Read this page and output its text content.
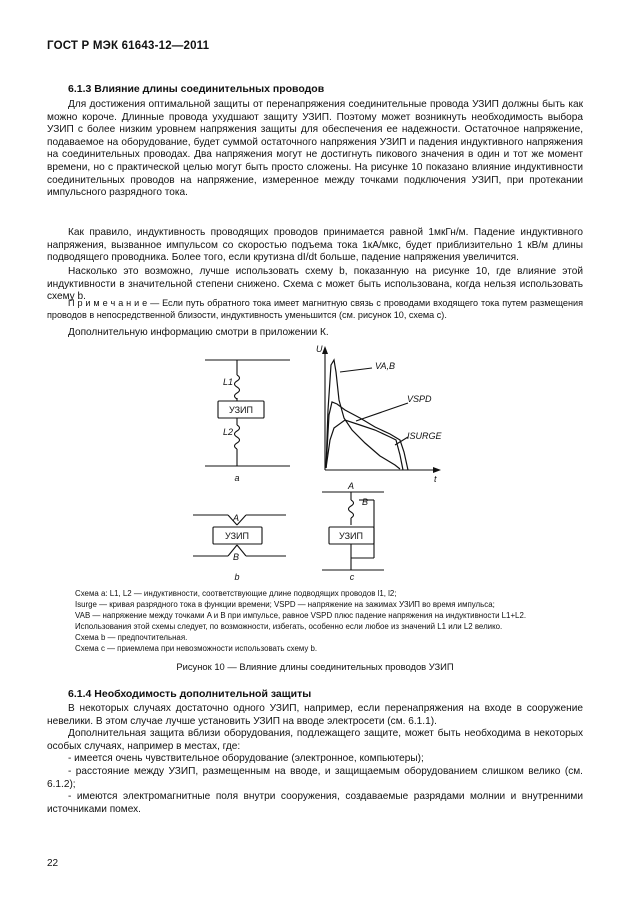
ГОСТ Р МЭК 61643-12—2011
6.1.3 Влияние длины соединительных проводов
Для достижения оптимальной защиты от перенапряжения соединительные провода УЗИП должны быть как можно короче. Длинные провода ухудшают защиту УЗИП. Поэтому может возникнуть необходимость выбора УЗИП с более низким уровнем напряжения защиты для обеспечения ее надежности. Остаточное напряжение, подаваемое на оборудование, будет суммой остаточного напряжения УЗИП и падения индуктивного напряжения на соединительных проводах. Два напряжения могут не достигнуть пикового значения в один и тот же момент времени, но с практической целью могут быть просто сложены. На рисунке 10 показано влияние индуктивности соединительных проводов на напряжение, измеренное между точками подключения УЗИП, при протекании импульсного разрядного тока.
Как правило, индуктивность проводящих проводов принимается равной 1мкГн/м. Падение индуктивного напряжения, вызванное импульсом со скоростью подъема тока 1кА/мкс, будет приблизительно 1 кВ/м длины подводящего проводника. Более того, если крутизна dI/dt больше, падение напряжения увеличится.
Насколько это возможно, лучше использовать схему b, показанную на рисунке 10, где влияние этой индуктивности в значительной степени снижено. Схема c может быть использована, когда нельзя использовать схему b.
П р и м е ч а н и е — Если путь обратного тока имеет магнитную связь с проводами входящего тока путем размещения проводов в непосредственной близости, индуктивность уменьшится (см. рисунок 10, схема c).
Дополнительную информацию смотри в приложении К.
L1
L2
УЗИП
a
A
УЗИП
B
b
A
B
УЗИП
c
U
t
VA,B
VSPD
ISURGE
Схема a: L1, L2 — индуктивности, соответствующие длине подводящих проводов l1, l2;
Isurge — кривая разрядного тока в функции времени; VSPD — напряжение на зажимах УЗИП во время импульса;
VAB — напряжение между точками A и B при импульсе, равное VSPD плюс падение напряжения на индуктивности L1+L2.
Использования этой схемы следует, по возможности, избегать, особенно если любое из значений L1 или L2 велико.
Схема b — предпочтительная.
Схема c — приемлема при невозможности использовать схему b.
Рисунок 10 — Влияние длины соединительных проводов УЗИП
6.1.4 Необходимость дополнительной защиты
В некоторых случаях достаточно одного УЗИП, например, если перенапряжения на входе в сооружение невелики. В этом случае лучше установить УЗИП на вводе электросети (см. 6.1.1).
Дополнительная защита вблизи оборудования, подлежащего защите, может быть необходима в некоторых особых случаях, например в местах, где:
- имеется очень чувствительное оборудование (электронное, компьютеры);
- расстояние между УЗИП, размещенным на вводе, и защищаемым оборудованием слишком велико (см. 6.1.2);
- имеются электромагнитные поля внутри сооружения, создаваемые разрядами молнии и внутренними источниками помех.
22
